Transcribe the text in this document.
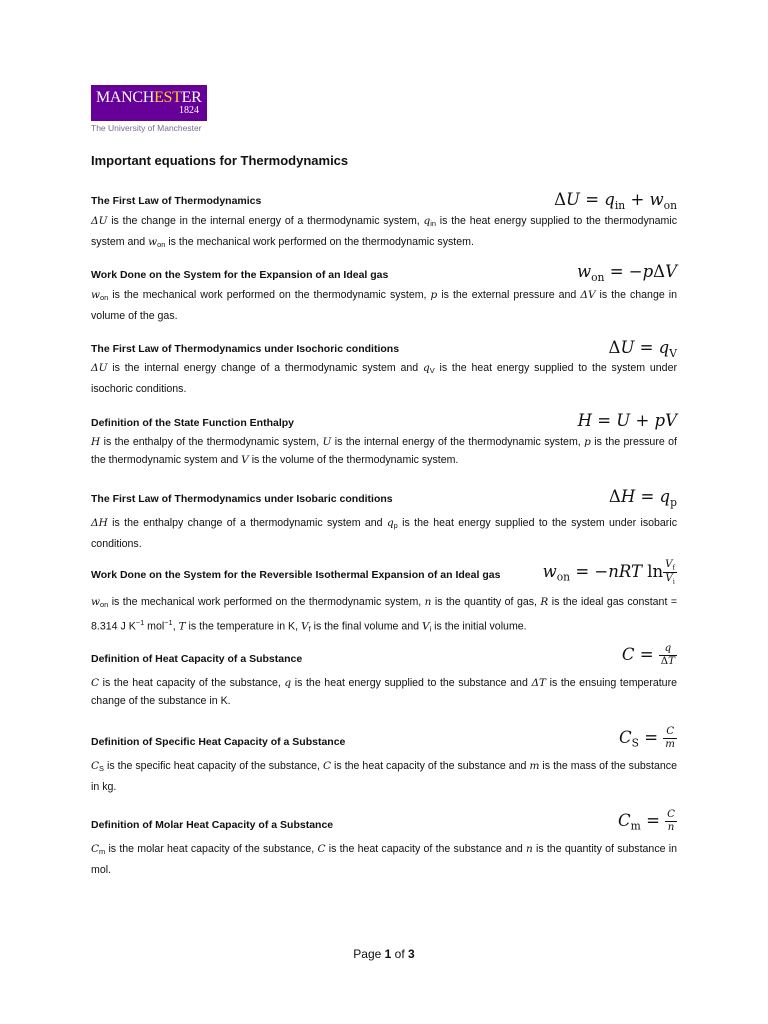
MANCHESTER
1824
The University of Manchester
Important equations for Thermodynamics
The First Law of Thermodynamics	$\Delta U = q_{in} + w_{on}$
ΔU is the change in the internal energy of a thermodynamic system, $q_{in}$ is the heat energy supplied to the thermodynamic system and $w_{on}$ is the mechanical work performed on the thermodynamic system.
Work Done on the System for the Expansion of an Ideal gas	$w_{on} = -p\Delta V$
$w_{on}$ is the mechanical work performed on the thermodynamic system, p is the external pressure and ΔV is the change in volume of the gas.
The First Law of Thermodynamics under Isochoric conditions	$\Delta U = q_V$
ΔU is the internal energy change of a thermodynamic system and $q_V$ is the heat energy supplied to the system under isochoric conditions.
Definition of the State Function Enthalpy	H = U + pV
H is the enthalpy of the thermodynamic system, U is the internal energy of the thermodynamic system, p is the pressure of the thermodynamic system and V is the volume of the thermodynamic system.
The First Law of Thermodynamics under Isobaric conditions	$\Delta H = q_p$
ΔH is the enthalpy change of a thermodynamic system and $q_p$ is the heat energy supplied to the system under isobaric conditions.
Work Done on the System for the Reversible Isothermal Expansion of an Ideal gas	$w_{on} = -nRT$ $\ln \frac{V_f}{V_i}$
$w_{on}$ is the mechanical work performed on the thermodynamic system, n is the quantity of gas, R is the ideal gas constant = 8.314 J $K^{-1}$ mol$^{-1}$, T is the temperature in K, $V_f$ is the final volume and $V_i$ is the initial volume.
Definition of Heat Capacity of a Substance	$C = \frac{q}{\Delta T}$
C is the heat capacity of the substance, q is the heat energy supplied to the substance and ΔT is the ensuing temperature change of the substance in K.
Definition of Specific Heat Capacity of a Substance	$C_S = \frac{C}{m}$
$C_S$ is the specific heat capacity of the substance, C is the heat capacity of the substance and m is the mass of the substance in kg.
Definition of Molar Heat Capacity of a Substance	$C_m = \frac{C}{n}$
$C_m$ is the molar heat capacity of the substance, C is the heat capacity of the substance and n is the quantity of substance in mol.
Page 1 of 3
